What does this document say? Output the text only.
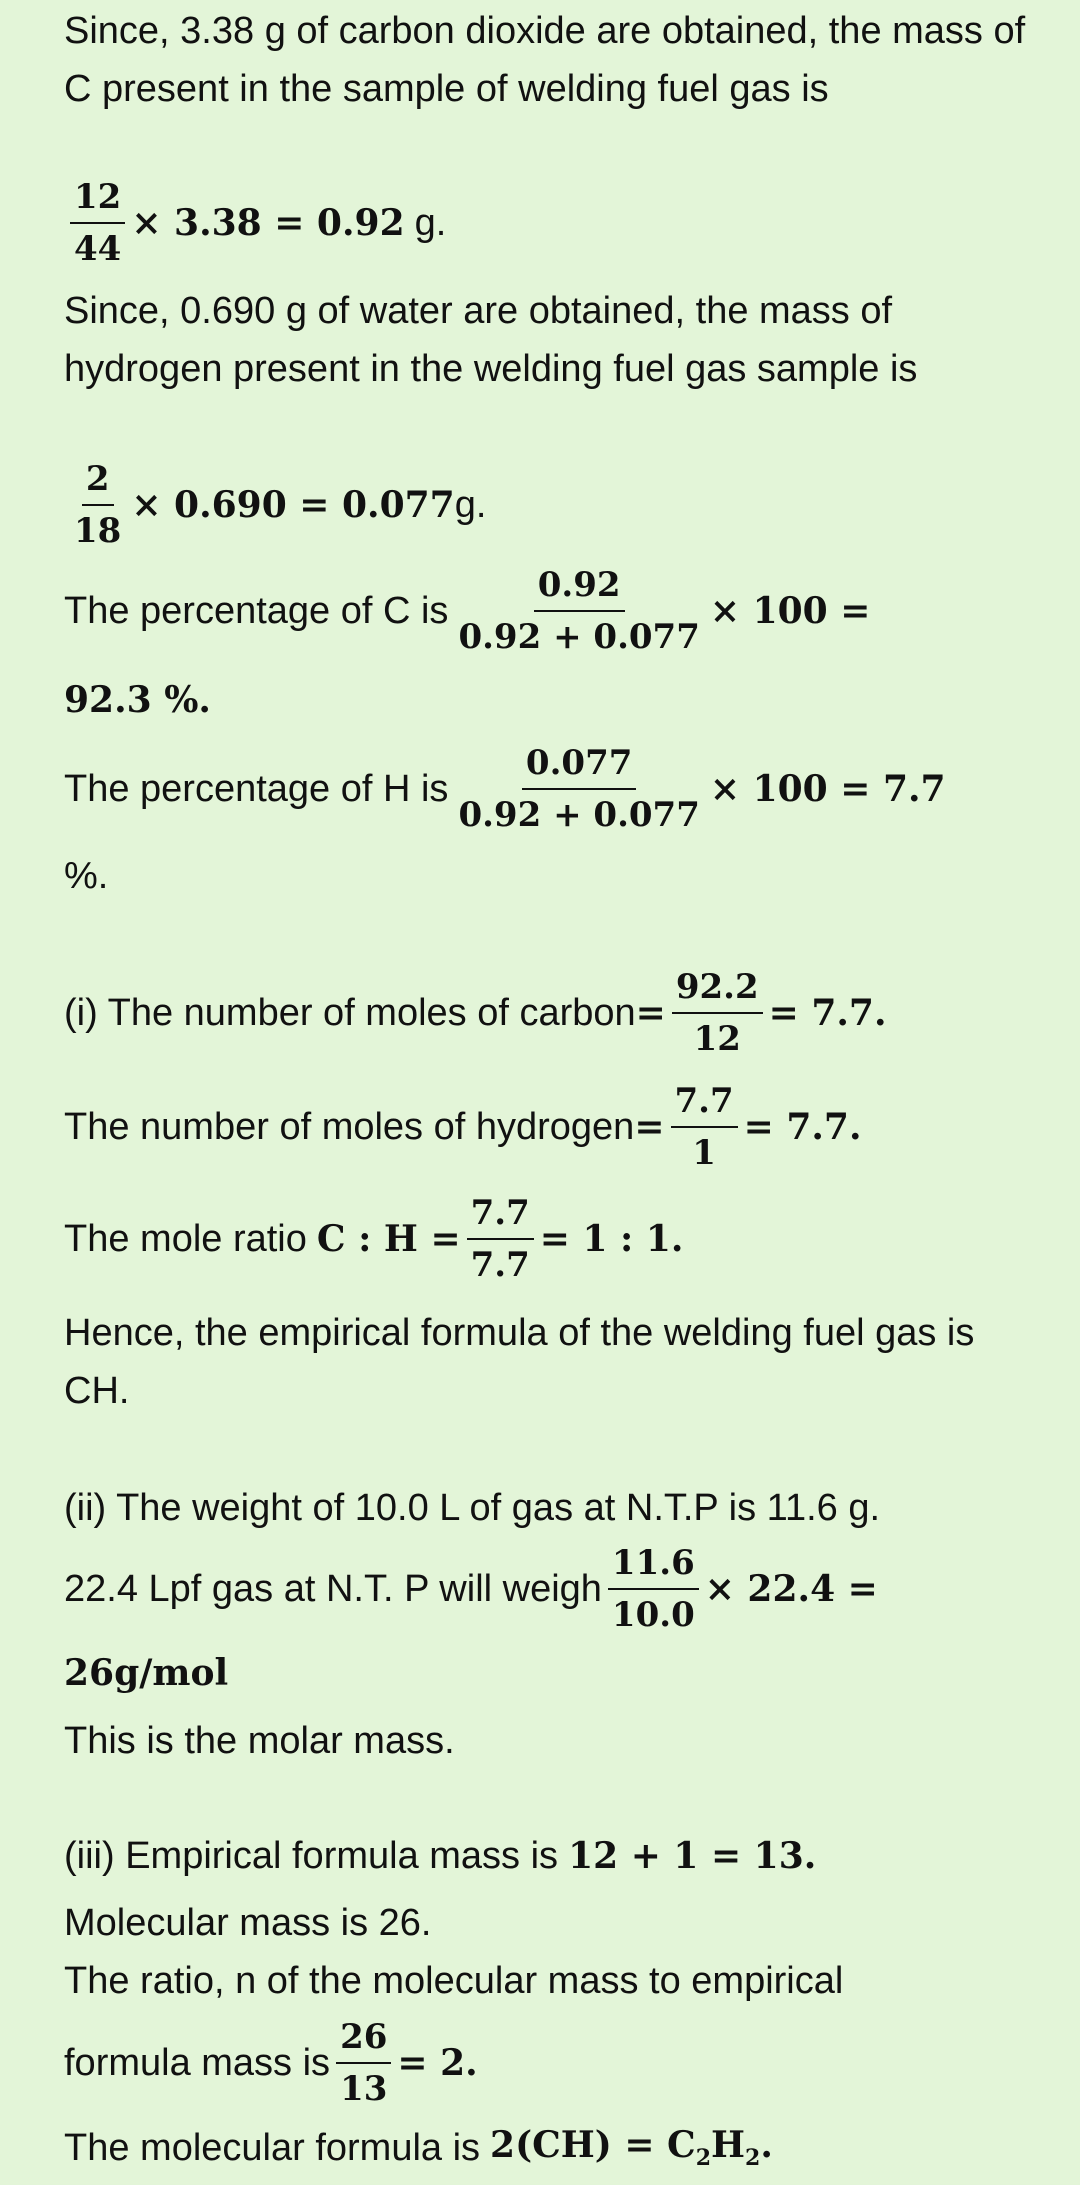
Since, 3.38 g of carbon dioxide are obtained, the mass of C present in the sample of welding fuel gas is
$\frac{12}{44} \times 3.38 = 0.92$ g.
Since, 0.690 g of water are obtained, the mass of hydrogen present in the welding fuel gas sample is
$\frac{2}{18} \times 0.690 = 0.077$ g.
The percentage of C is $\frac{0.92}{0.92 + 0.077} \times 100$ =
92.3 %.
The percentage of H is $\frac{0.077}{0.92 + 0.077} \times 100 = 7.7$
%.
(i) The number of moles of carbon = $\frac{92.2}{12} = 7.7$.
The number of moles of hydrogen = $\frac{7.7}{1} = 7.7$.
The mole ratio C : $H = \frac{7.7}{7.7} = 1$ : 1.
Hence, the empirical formula of the welding fuel gas is CH.
(ii) The weight of 10.0 L of gas at N.T.P is 11.6 g.
22.4 Lpf gas at N.T. P will weigh $\frac{11.6}{10.0} \times 22.4$ =
26g/mol
This is the molar mass.
(iii) Empirical formula mass is 12 + 1 = 13.
Molecular mass is 26.
The ratio, n of the molecular mass to empirical
formula mass is $\frac{26}{13} = 2$.
The molecular formula is $2(CH) = C_2H_2$.
